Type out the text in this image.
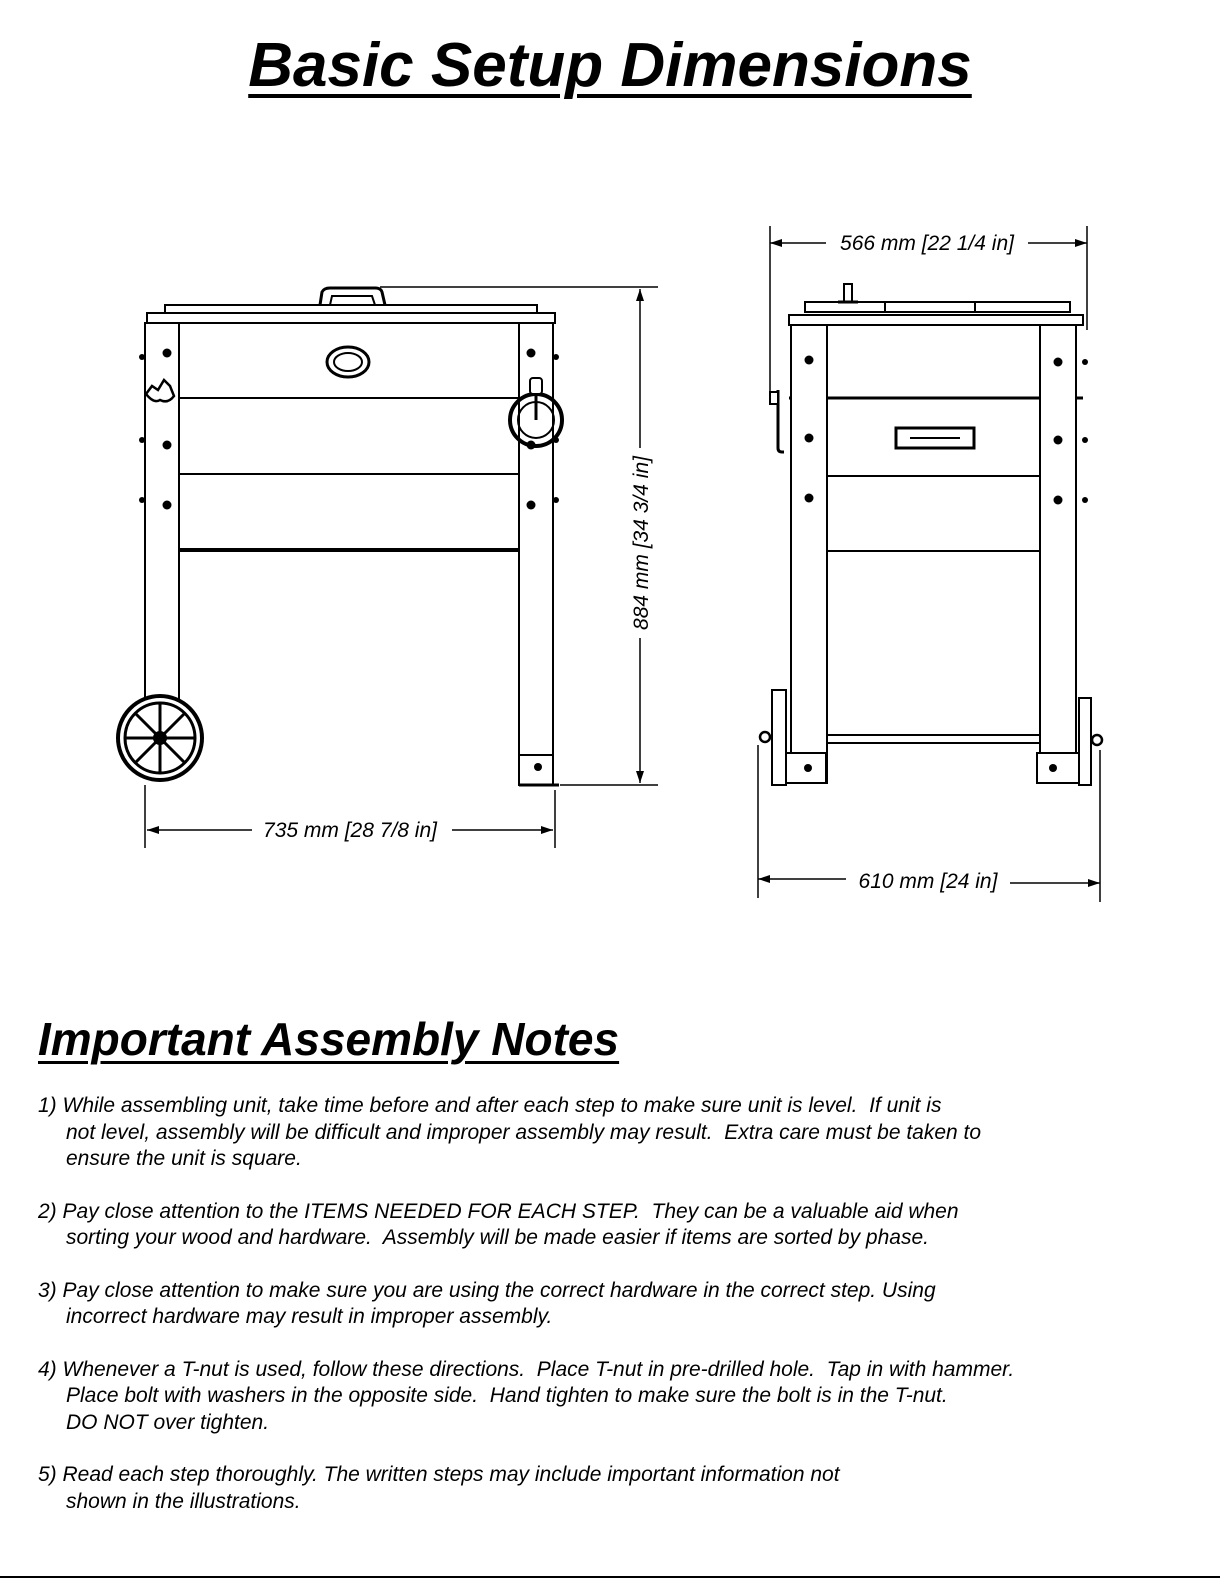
Basic Setup Dimensions
884 mm [34 3/4 in]
735 mm [28 7/8 in]
566 mm [22 1/4 in]
610 mm [24 in]
Important Assembly Notes
1) While assembling unit, take time before and after each step to make sure unit is level.  If unit is
not level, assembly will be difficult and improper assembly may result.  Extra care must be taken to
ensure the unit is square.
2) Pay close attention to the ITEMS NEEDED FOR EACH STEP.  They can be a valuable aid when
sorting your wood and hardware.  Assembly will be made easier if items are sorted by phase.
3) Pay close attention to make sure you are using the correct hardware in the correct step. Using
incorrect hardware may result in improper assembly.
4) Whenever a T-nut is used, follow these directions.  Place T-nut in pre-drilled hole.  Tap in with hammer.
Place bolt with washers in the opposite side.  Hand tighten to make sure the bolt is in the T-nut.
DO NOT over tighten.
5) Read each step thoroughly. The written steps may include important information not
shown in the illustrations.
